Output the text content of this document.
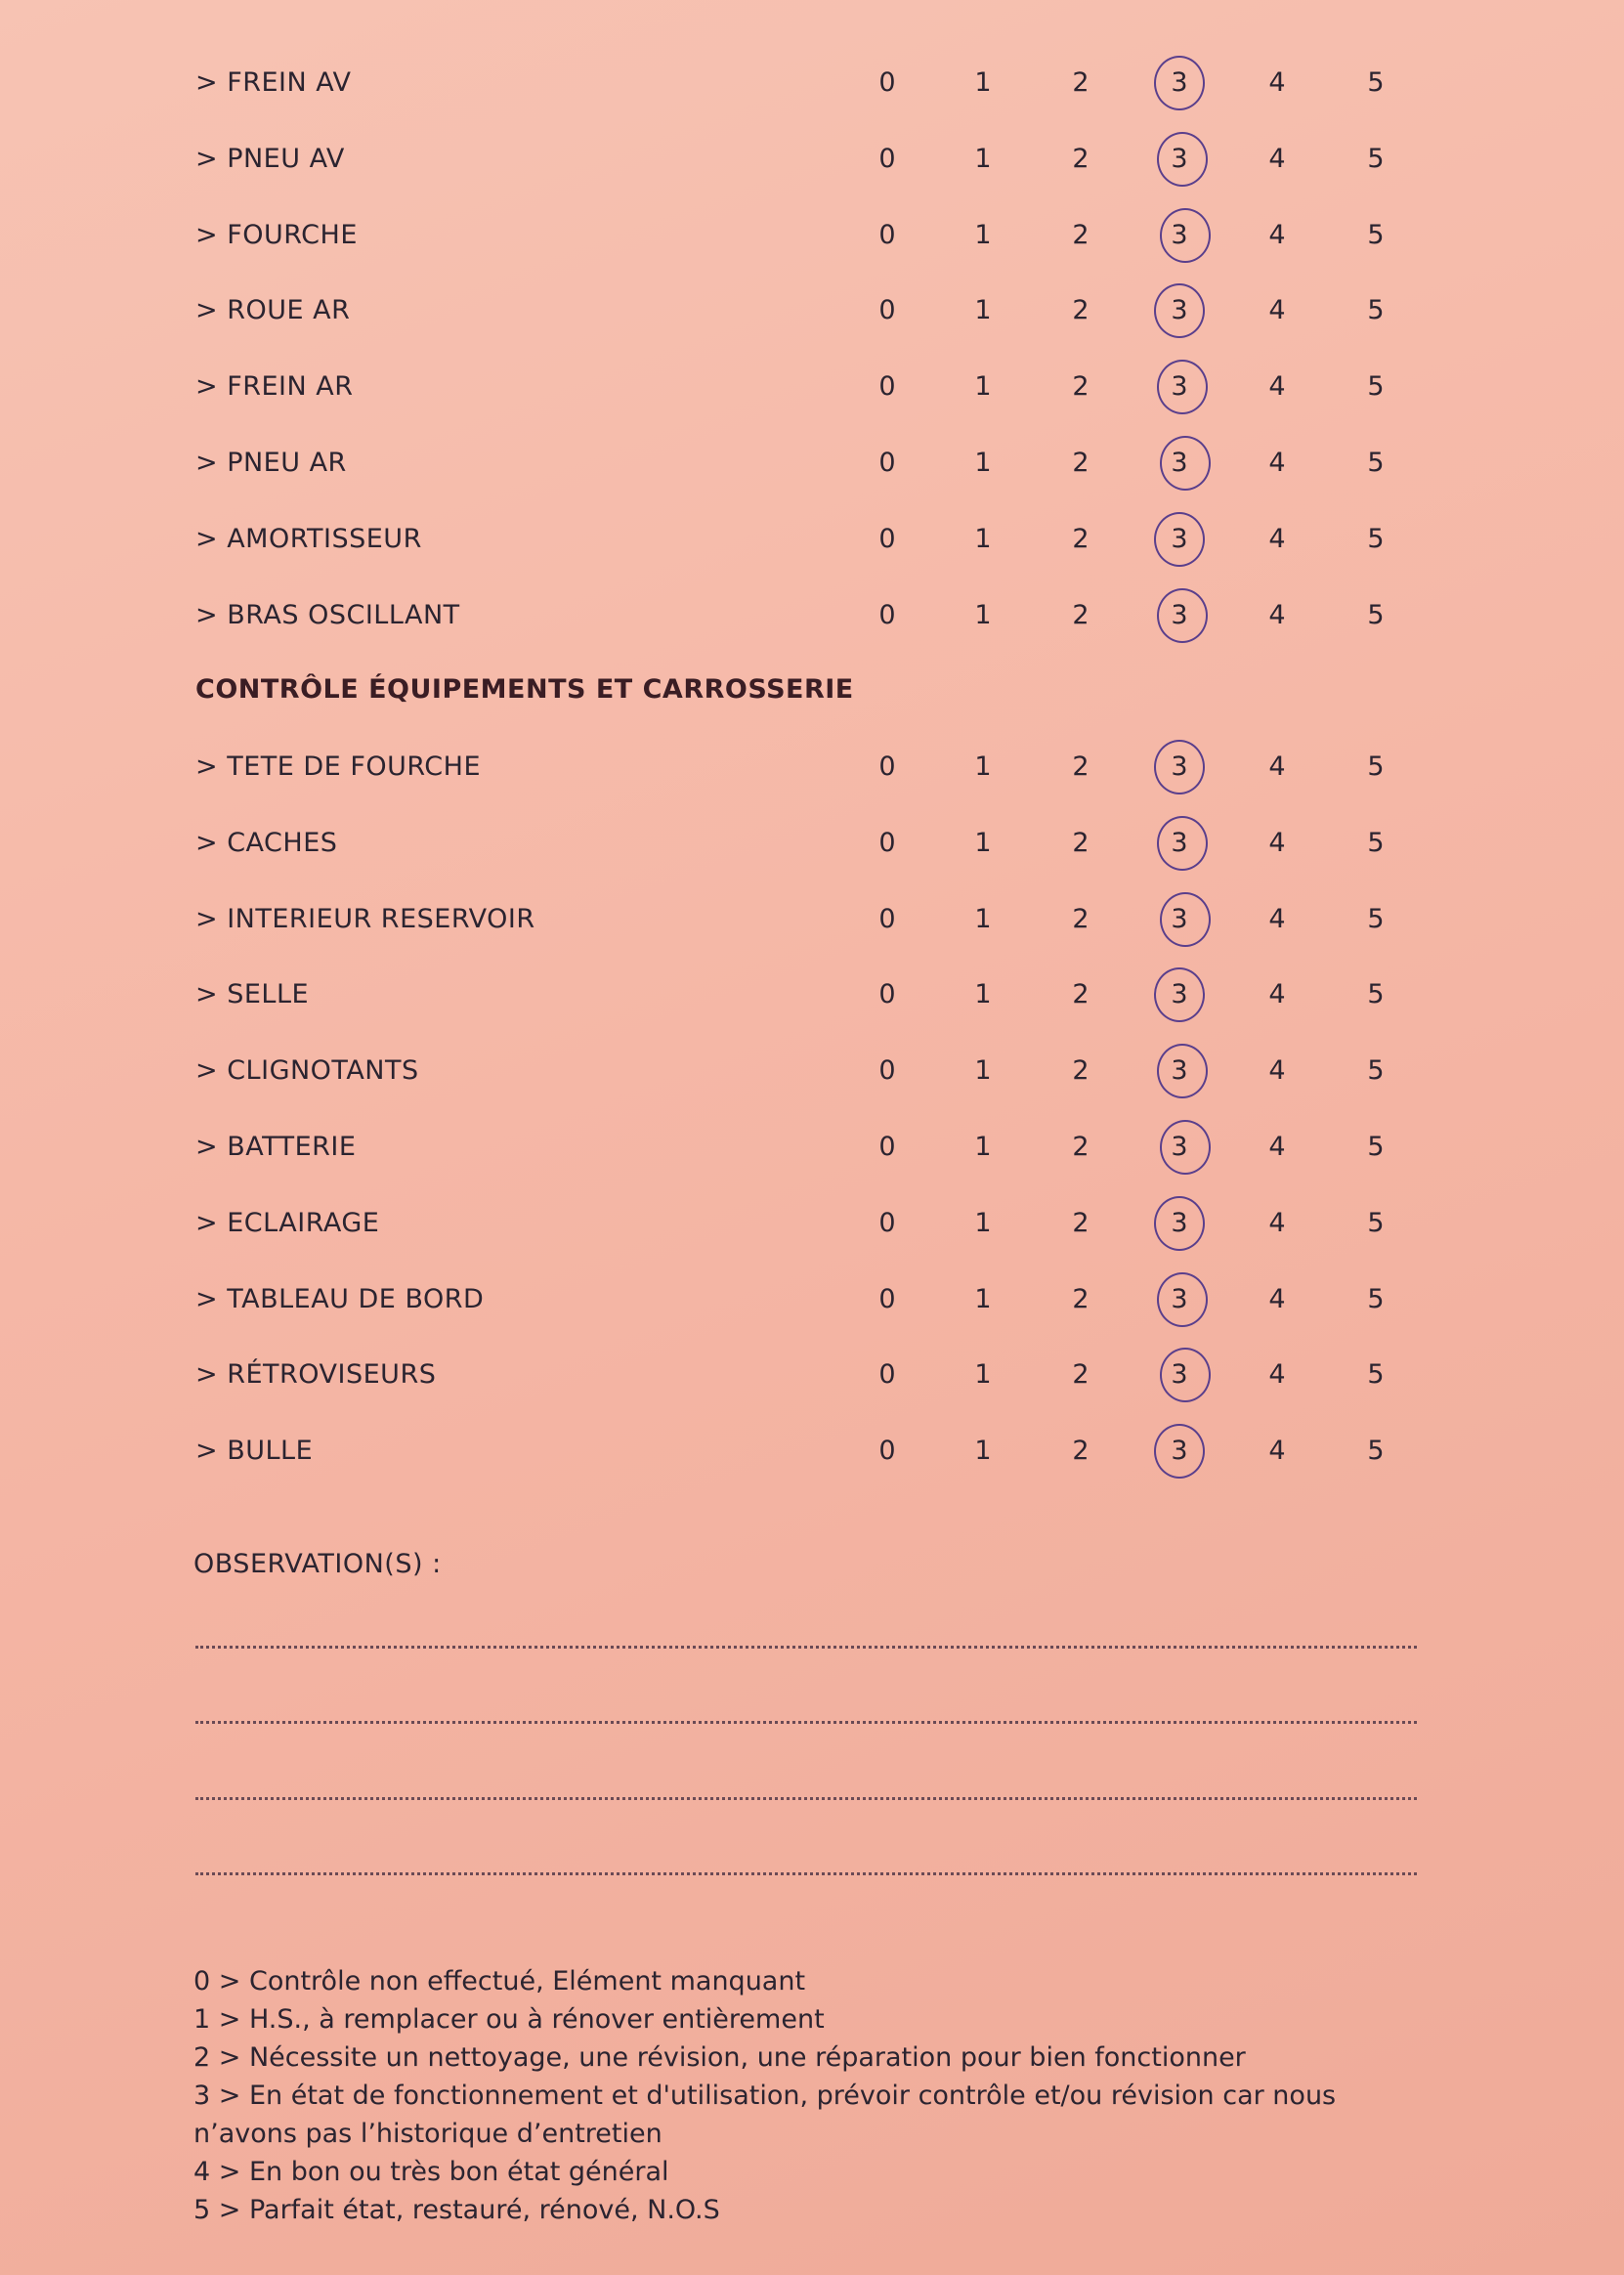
> FREIN AV	0	1	2	3	4	5
> PNEU AV	0	1	2	3	4	5
> FOURCHE	0	1	2	3	4	5
> ROUE AR	0	1	2	3	4	5
> FREIN AR	0	1	2	3	4	5
> PNEU AR	0	1	2	3	4	5
> AMORTISSEUR	0	1	2	3	4	5
> BRAS OSCILLANT	0	1	2	3	4	5
CONTRÔLE ÉQUIPEMENTS ET CARROSSERIE
> TETE DE FOURCHE	0	1	2	3	4	5
> CACHES	0	1	2	3	4	5
> INTERIEUR RESERVOIR	0	1	2	3	4	5
> SELLE	0	1	2	3	4	5
> CLIGNOTANTS	0	1	2	3	4	5
> BATTERIE	0	1	2	3	4	5
> ECLAIRAGE	0	1	2	3	4	5
> TABLEAU DE BORD	0	1	2	3	4	5
> RÉTROVISEURS	0	1	2	3	4	5
> BULLE	0	1	2	3	4	5
OBSERVATION(S) :
0 > Contrôle non effectué, Elément manquant
1 > H.S., à remplacer ou à rénover entièrement
2 > Nécessite un nettoyage, une révision, une réparation pour bien fonctionner
3 > En état de fonctionnement et d'utilisation, prévoir contrôle et/ou révision car nous n’avons pas l’historique d’entretien
4 > En bon ou très bon état général
5 > Parfait état, restauré, rénové, N.O.S
